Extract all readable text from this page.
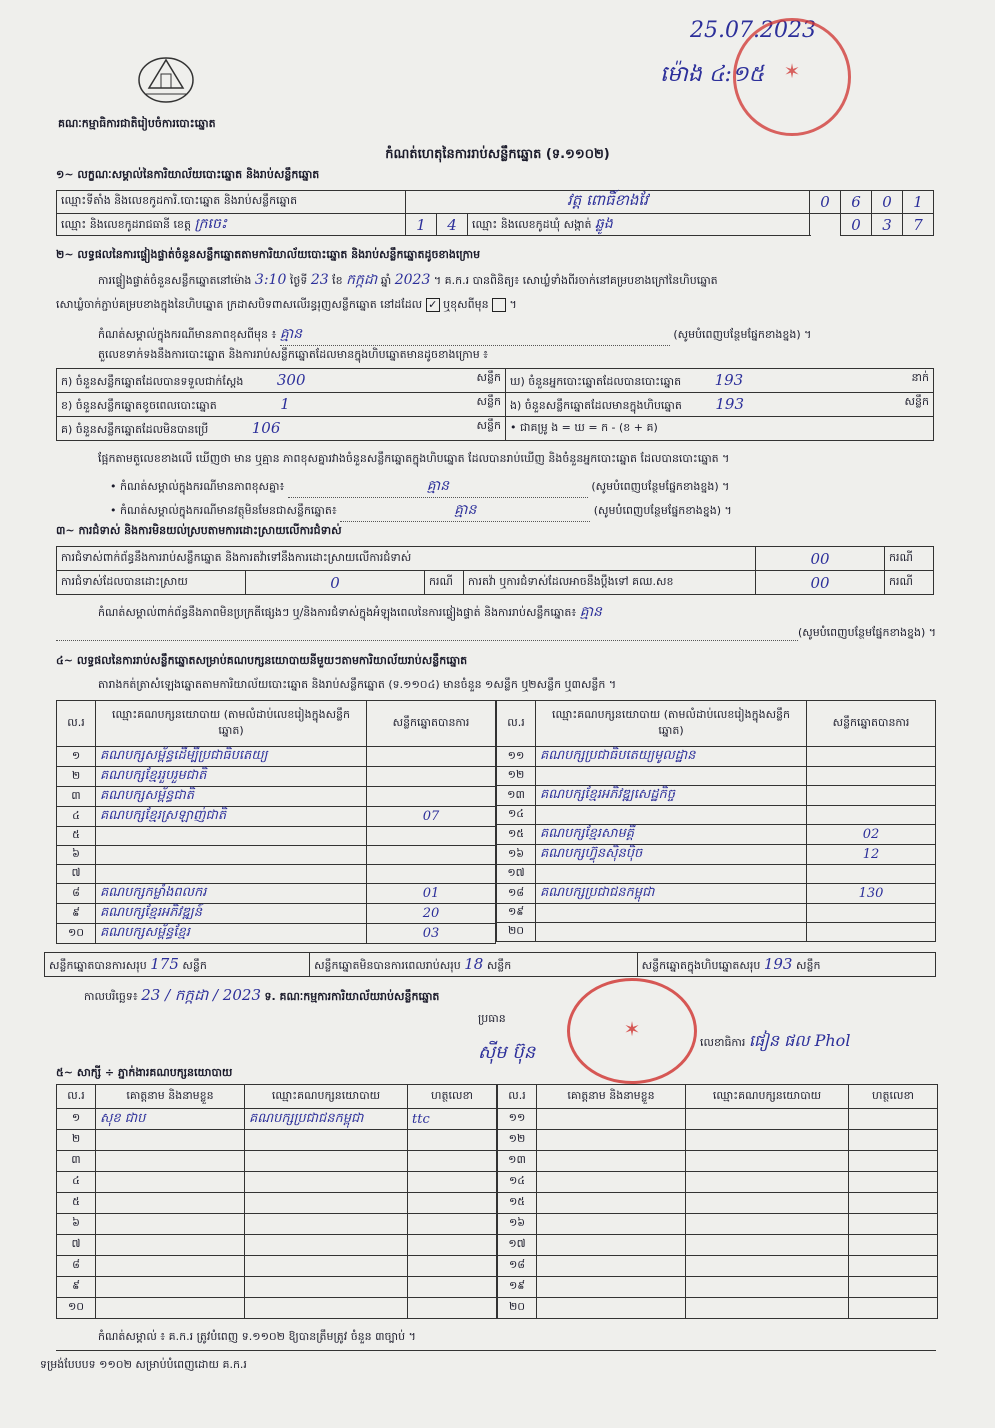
គណៈកម្មាធិការជាតិរៀបចំការបោះឆ្នោត
25.07.2023
ម៉ោង ៤:១៥ ✶
កំណត់ហេតុនៃការរាប់សន្លឹកឆ្នោត (ទ.១១០២)
១~ លក្ខណៈសម្គាល់នៃការិយាល័យបោះឆ្នោត និងរាប់សន្លឹកឆ្នោត
ឈ្មោះទីតាំង និងលេខកូដការិ.បោះឆ្នោត និងរាប់សន្លឹកឆ្នោត	វត្ត ពោធិ៍ខាងវែ			0	6	0	1
ឈ្មោះ និងលេខកូដរាជធានី ខេត្ត ក្រចេះ	1	4	ឈ្មោះ និងលេខកូដឃុំ សង្កាត់ ឆ្លូង		0	3	7
២~ លទ្ធផលនៃការផ្ទៀងផ្ទាត់ចំនួនសន្លឹកឆ្នោតតាមការិយាល័យបោះឆ្នោត និងរាប់សន្លឹកឆ្នោតដូចខាងក្រោម
ការផ្ទៀងផ្ទាត់ចំនួនសន្លឹកឆ្នោតនៅម៉ោង 3:10 ថ្ងៃទី 23 ខែ កក្កដា ឆ្នាំ 2023 ។ គ.ក.រ បានពិនិត្យ៖ សោឃ្លំទាំងពីរចាក់នៅគម្របខាងក្រៅនៃហិបឆ្នោត
សោឃ្លំចាក់ភ្ជាប់គម្របខាងក្នុងនៃហិបឆ្នោត ក្រដាសបិទពាសលើរន្ធរុញសន្លឹកឆ្នោត នៅដដែល ✓ ឬខុសពីមុន  ។
កំណត់សម្គាល់ក្នុងករណីមានភាពខុសពីមុន ៖ គ្មាន	(សូមបំពេញបន្ថែមផ្នែកខាងខ្នង) ។
តួលេខទាក់ទងនឹងការបោះឆ្នោត និងការរាប់សន្លឹកឆ្នោតដែលមានក្នុងហិបឆ្នោតមានដូចខាងក្រោម ៖
ក) ចំនួនសន្លឹកឆ្នោតដែលបានទទួលជាក់ស្តែង 300 សន្លឹក	ឃ) ចំនួនអ្នកបោះឆ្នោតដែលបានបោះឆ្នោត 193 នាក់

ខ) ចំនួនសន្លឹកឆ្នោតខូចពេលបោះឆ្នោត 1 សន្លឹក	ង) ចំនួនសន្លឹកឆ្នោតដែលមានក្នុងហិបឆ្នោត 193 សន្លឹក

គ) ចំនួនសន្លឹកឆ្នោតដែលមិនបានប្រើ 106 សន្លឹក	• ជាគម្រូ ង = ឃ = ក - (ខ + គ)
ផ្អែកតាមតួលេខខាងលើ ឃើញថា មាន ឬគ្មាន ភាពខុសគ្នារវាងចំនួនសន្លឹកឆ្នោតក្នុងហិបឆ្នោត ដែលបានរាប់ឃើញ និងចំនួនអ្នកបោះឆ្នោត ដែលបានបោះឆ្នោត ។
• កំណត់សម្គាល់ក្នុងករណីមានភាពខុសគ្នា៖	គ្មាន	(សូមបំពេញបន្ថែមផ្នែកខាងខ្នង) ។
• កំណត់សម្គាល់ក្នុងករណីមានវត្ថុមិនមែនជាសន្លឹកឆ្នោត៖	គ្មាន	(សូមបំពេញបន្ថែមផ្នែកខាងខ្នង) ។
៣~ ការជំទាស់ និងការមិនយល់ស្របតាមការដោះស្រាយលើការជំទាស់
ការជំទាស់ពាក់ព័ន្ធនឹងការរាប់សន្លឹកឆ្នោត និងការតវ៉ាទៅនឹងការដោះស្រាយលើការជំទាស់				00	ករណី
ការជំទាស់ដែលបានដោះស្រាយ	0	ករណី	ការតវ៉ា ឬការជំទាស់ដែលអាចនឹងប្តឹងទៅ គឈ.សខ	00	ករណី
កំណត់សម្គាល់ពាក់ព័ន្ធនឹងភាពមិនប្រក្រតីផ្សេងៗ ឬ/និងការជំទាស់ក្នុងអំឡុងពេលនៃការផ្ទៀងផ្ទាត់ និងការរាប់សន្លឹកឆ្នោត៖ គ្មាន
(សូមបំពេញបន្ថែមផ្នែកខាងខ្នង) ។
៤~ លទ្ធផលនៃការរាប់សន្លឹកឆ្នោតសម្រាប់គណបក្សនយោបាយនីមួយៗតាមការិយាល័យរាប់សន្លឹកឆ្នោត
តារាងកត់ត្រាសំឡេងឆ្នោតតាមការិយាល័យបោះឆ្នោត និងរាប់សន្លឹកឆ្នោត (ទ.១១០៤) មានចំនួន ១សន្លឹក ឬ២សន្លឹក ឬ៣សន្លឹក ។
ល.រ	ឈ្មោះគណបក្សនយោបាយ (តាមលំដាប់លេខរៀងក្នុងសន្លឹកឆ្នោត)	សន្លឹកឆ្នោតបានការ
១	គណបក្សសម្ព័ន្ធដើម្បីប្រជាធិបតេយ្យ	
២	គណបក្សខ្មែររួបរួមជាតិ	
៣	គណបក្សសម្ព័ន្ធជាតិ	
៤	គណបក្សខ្មែរស្រឡាញ់ជាតិ	07
៥		
៦		
៧		
៨	គណបក្សកម្លាំងពលករ	01
៩	គណបក្សខ្មែរអភិវឌ្ឍន៍	20
១០	គណបក្សសម្ព័ន្ធខ្មែរ	03
ល.រ	ឈ្មោះគណបក្សនយោបាយ (តាមលំដាប់លេខរៀងក្នុងសន្លឹកឆ្នោត)	សន្លឹកឆ្នោតបានការ
១១	គណបក្សប្រជាធិបតេយ្យមូលដ្ឋាន	
១២		
១៣	គណបក្សខ្មែរអភិវឌ្ឍសេដ្ឋកិច្ច	
១៤		
១៥	គណបក្សខ្មែរសាមគ្គី	02
១៦	គណបក្សហ៊្វុនស៊ិនប៉ិច	12
១៧		
១៨	គណបក្សប្រជាជនកម្ពុជា	130
១៩		
២០		
សន្លឹកឆ្នោតបានការសរុប 175 សន្លឹក	សន្លឹកឆ្នោតមិនបានការពេលរាប់សរុប 18 សន្លឹក	សន្លឹកឆ្នោតក្នុងហិបឆ្នោតសរុប 193 សន្លឹក
កាលបរិច្ឆេទ៖ 23 / កក្កដា / 2023 ទ. គណៈកម្មការការិយាល័យរាប់សន្លឹកឆ្នោត
ប្រធាន
ស៊ីម ប៊ុន
✶
លេខាធិការ ផៀន ផល Phol
៥~ សាក្សី ÷ ភ្នាក់ងារគណបក្សនយោបាយ
ល.រ	គោត្តនាម និងនាមខ្លួន	ឈ្មោះគណបក្សនយោបាយ	ហត្ថលេខា
១	សុខ ជាប	គណបក្សប្រជាជនកម្ពុជា	ttc
២			
៣			
៤			
៥			
៦			
៧			
៨			
៩			
១០			
ល.រ	គោត្តនាម និងនាមខ្លួន	ឈ្មោះគណបក្សនយោបាយ	ហត្ថលេខា
១១			
១២			
១៣			
១៤			
១៥			
១៦			
១៧			
១៨			
១៩			
២០			
កំណត់សម្គាល់ ៖ គ.ក.រ ត្រូវបំពេញ ទ.១១០២ ឱ្យបានត្រឹមត្រូវ ចំនួន ៣ច្បាប់ ។
ទម្រង់បែបបទ ១១០២ សម្រាប់បំពេញដោយ គ.ក.រ
